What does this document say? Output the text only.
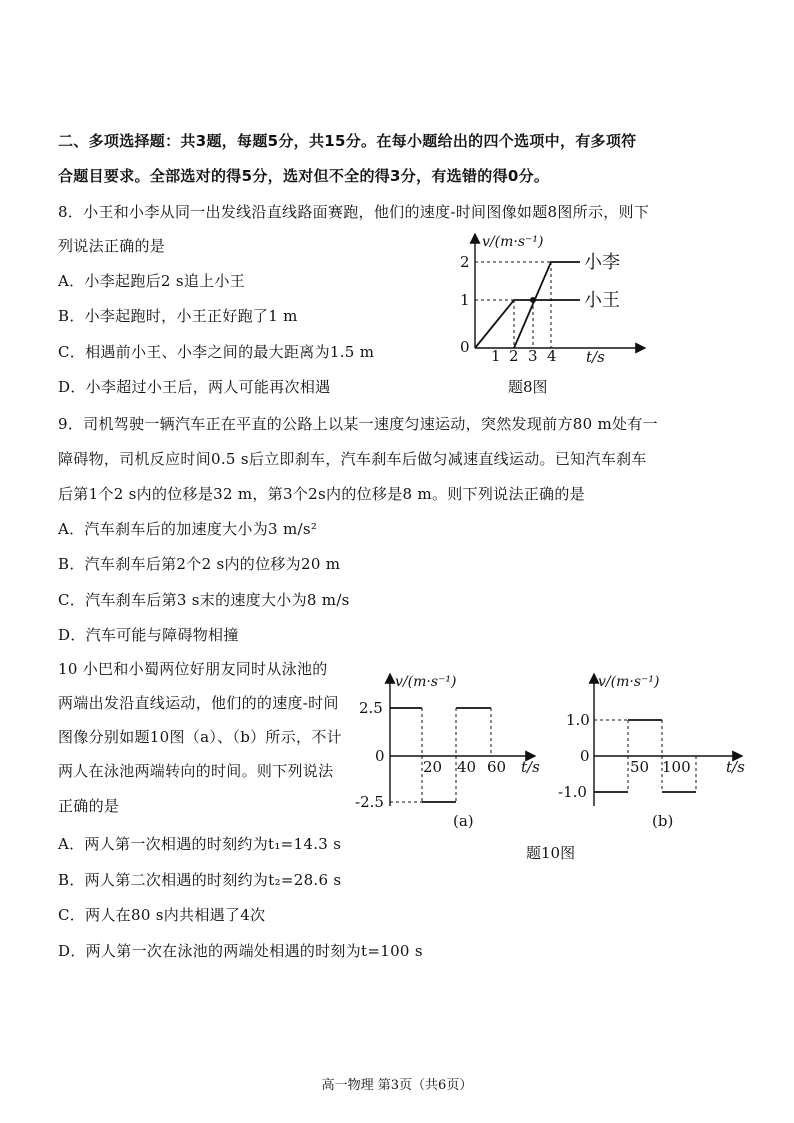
二、多项选择题：共3题，每题5分，共15分。在每小题给出的四个选项中，有多项符
合题目要求。全部选对的得5分，选对但不全的得3分，有选错的得0分。
8．小王和小李从同一出发线沿直线路面赛跑，他们的速度-时间图像如题8图所示，则下
列说法正确的是
A．小李起跑后2 s追上小王
B．小李起跑时，小王正好跑了1 m
C．相遇前小王、小李之间的最大距离为1.5 m
D．小李超过小王后，两人可能再次相遇
0 1 2 3 4
1
2
v/(m·s⁻¹)
t/s
小李
小王
题8图
9．司机驾驶一辆汽车正在平直的公路上以某一速度匀速运动，突然发现前方80 m处有一
障碍物，司机反应时间0.5 s后立即刹车，汽车刹车后做匀减速直线运动。已知汽车刹车
后第1个2 s内的位移是32 m，第3个2s内的位移是8 m。则下列说法正确的是
A．汽车刹车后的加速度大小为3 m/s²
B．汽车刹车后第2个2 s内的位移为20 m
C．汽车刹车后第3 s末的速度大小为8 m/s
D．汽车可能与障碍物相撞
10 小巴和小蜀两位好朋友同时从泳池的
两端出发沿直线运动，他们的的速度-时间
图像分别如题10图（a）、（b）所示，不计
两人在泳池两端转向的时间。则下列说法
正确的是
2.5
0
-2.5
20 40 60
v/(m·s⁻¹)
t/s
(a)
1.0
0
-1.0
50 100
v/(m·s⁻¹)
t/s
(b)
题10图
A．两人第一次相遇的时刻约为t₁=14.3 s
B．两人第二次相遇的时刻约为t₂=28.6 s
C．两人在80 s内共相遇了4次
D．两人第一次在泳池的两端处相遇的时刻为t=100 s
高一物理 第3页（共6页）
